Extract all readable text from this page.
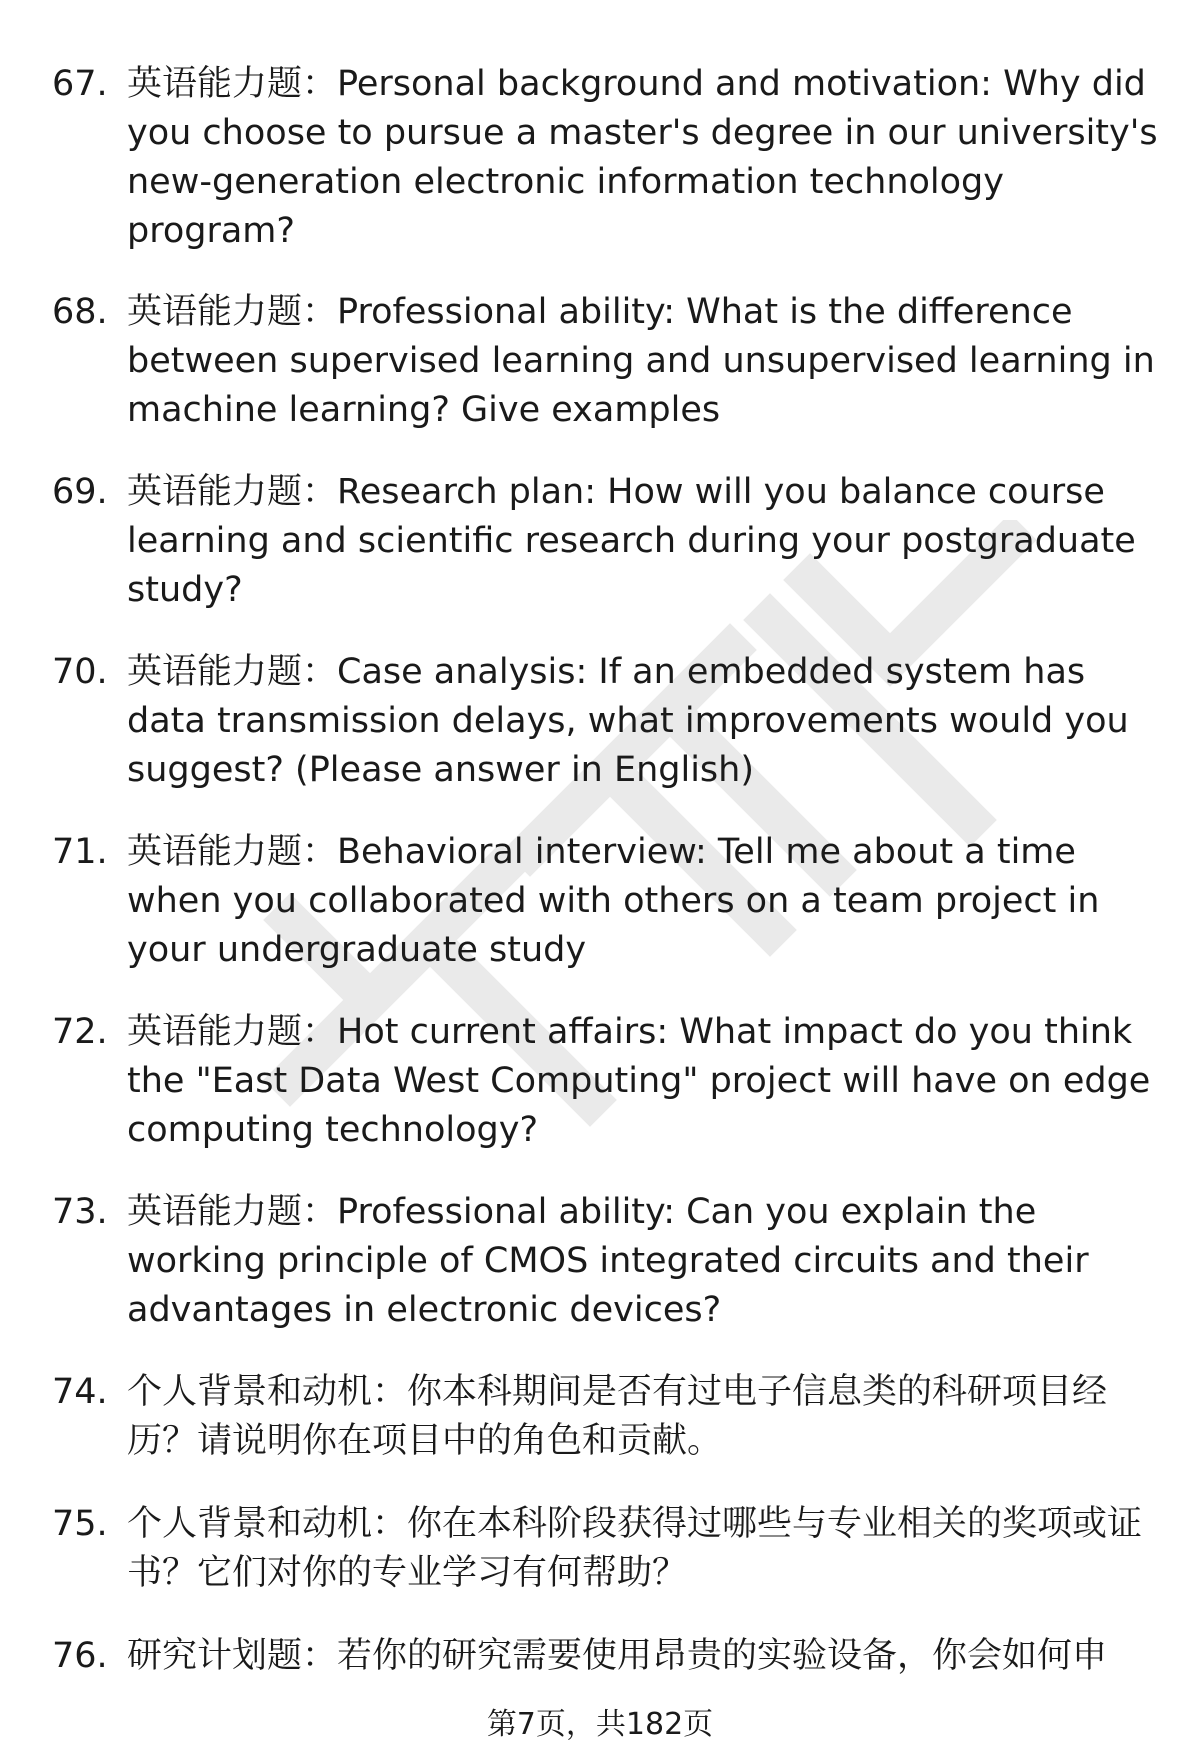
67. 英语能力题：Personal background and motivation: Why did you choose to pursue a master's degree in our university's new-generation electronic information technology program?
68. 英语能力题：Professional ability: What is the difference between supervised learning and unsupervised learning in machine learning? Give examples
69. 英语能力题：Research plan: How will you balance course learning and scientific research during your postgraduate study?
70. 英语能力题：Case analysis: If an embedded system has data transmission delays, what improvements would you suggest? (Please answer in English)
71. 英语能力题：Behavioral interview: Tell me about a time when you collaborated with others on a team project in your undergraduate study
72. 英语能力题：Hot current affairs: What impact do you think the "East Data West Computing" project will have on edge computing technology?
73. 英语能力题：Professional ability: Can you explain the working principle of CMOS integrated circuits and their advantages in electronic devices?
74. 个人背景和动机：你本科期间是否有过电子信息类的科研项目经历？请说明你在项目中的角色和贡献。
75. 个人背景和动机：你在本科阶段获得过哪些与专业相关的奖项或证书？它们对你的专业学习有何帮助？
76. 研究计划题：若你的研究需要使用昂贵的实验设备，你会如何申
第7页，共182页
